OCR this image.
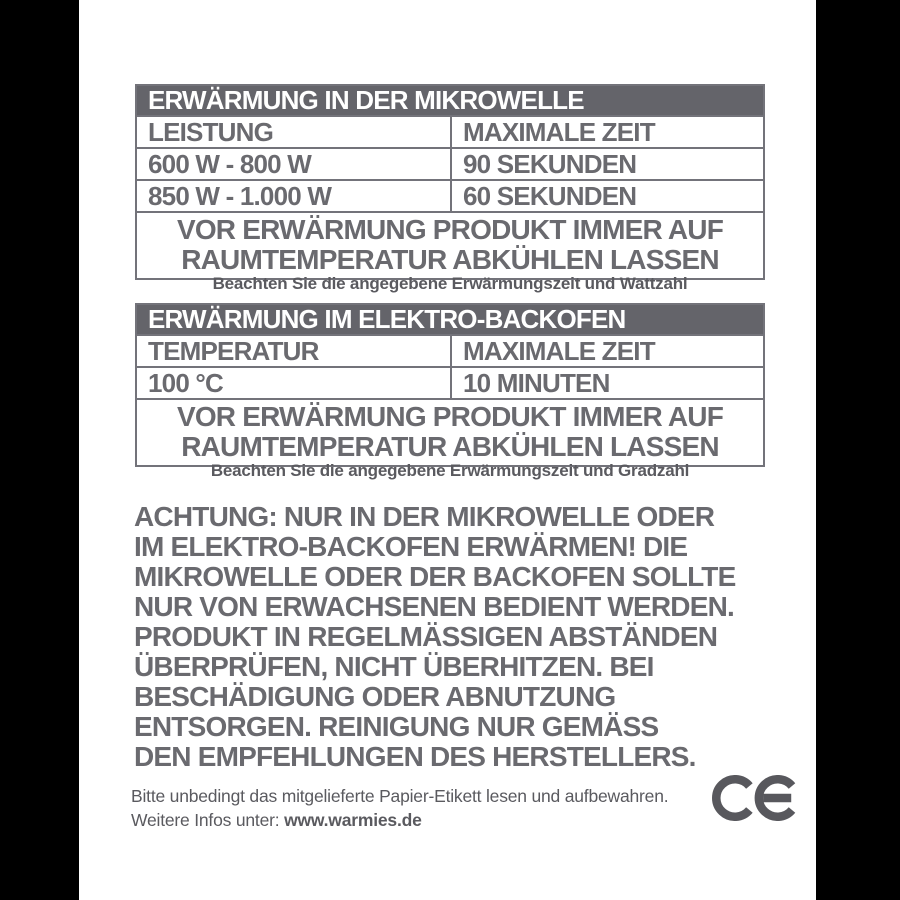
ERWÄRMUNG IN DER MIKROWELLE
LEISTUNG	MAXIMALE ZEIT
600 W - 800 W	90 SEKUNDEN
850 W - 1.000 W	60 SEKUNDEN
VOR ERWÄRMUNG PRODUKT IMMER AUF
RAUMTEMPERATUR ABKÜHLEN LASSEN
Beachten Sie die angegebene Erwärmungszeit und Wattzahl
ERWÄRMUNG IM ELEKTRO-BACKOFEN
TEMPERATUR	MAXIMALE ZEIT
100 °C	10 MINUTEN
VOR ERWÄRMUNG PRODUKT IMMER AUF
RAUMTEMPERATUR ABKÜHLEN LASSEN
Beachten Sie die angegebene Erwärmungszeit und Gradzahl
ACHTUNG: NUR IN DER MIKROWELLE ODER
IM ELEKTRO-BACKOFEN ERWÄRMEN! DIE
MIKROWELLE ODER DER BACKOFEN SOLLTE
NUR VON ERWACHSENEN BEDIENT WERDEN.
PRODUKT IN REGELMÄSSIGEN ABSTÄNDEN
ÜBERPRÜFEN, NICHT ÜBERHITZEN. BEI
BESCHÄDIGUNG ODER ABNUTZUNG
ENTSORGEN. REINIGUNG NUR GEMÄSS
DEN EMPFEHLUNGEN DES HERSTELLERS.
Bitte unbedingt das mitgelieferte Papier-Etikett lesen und aufbewahren.
Weitere Infos unter: www.warmies.de
